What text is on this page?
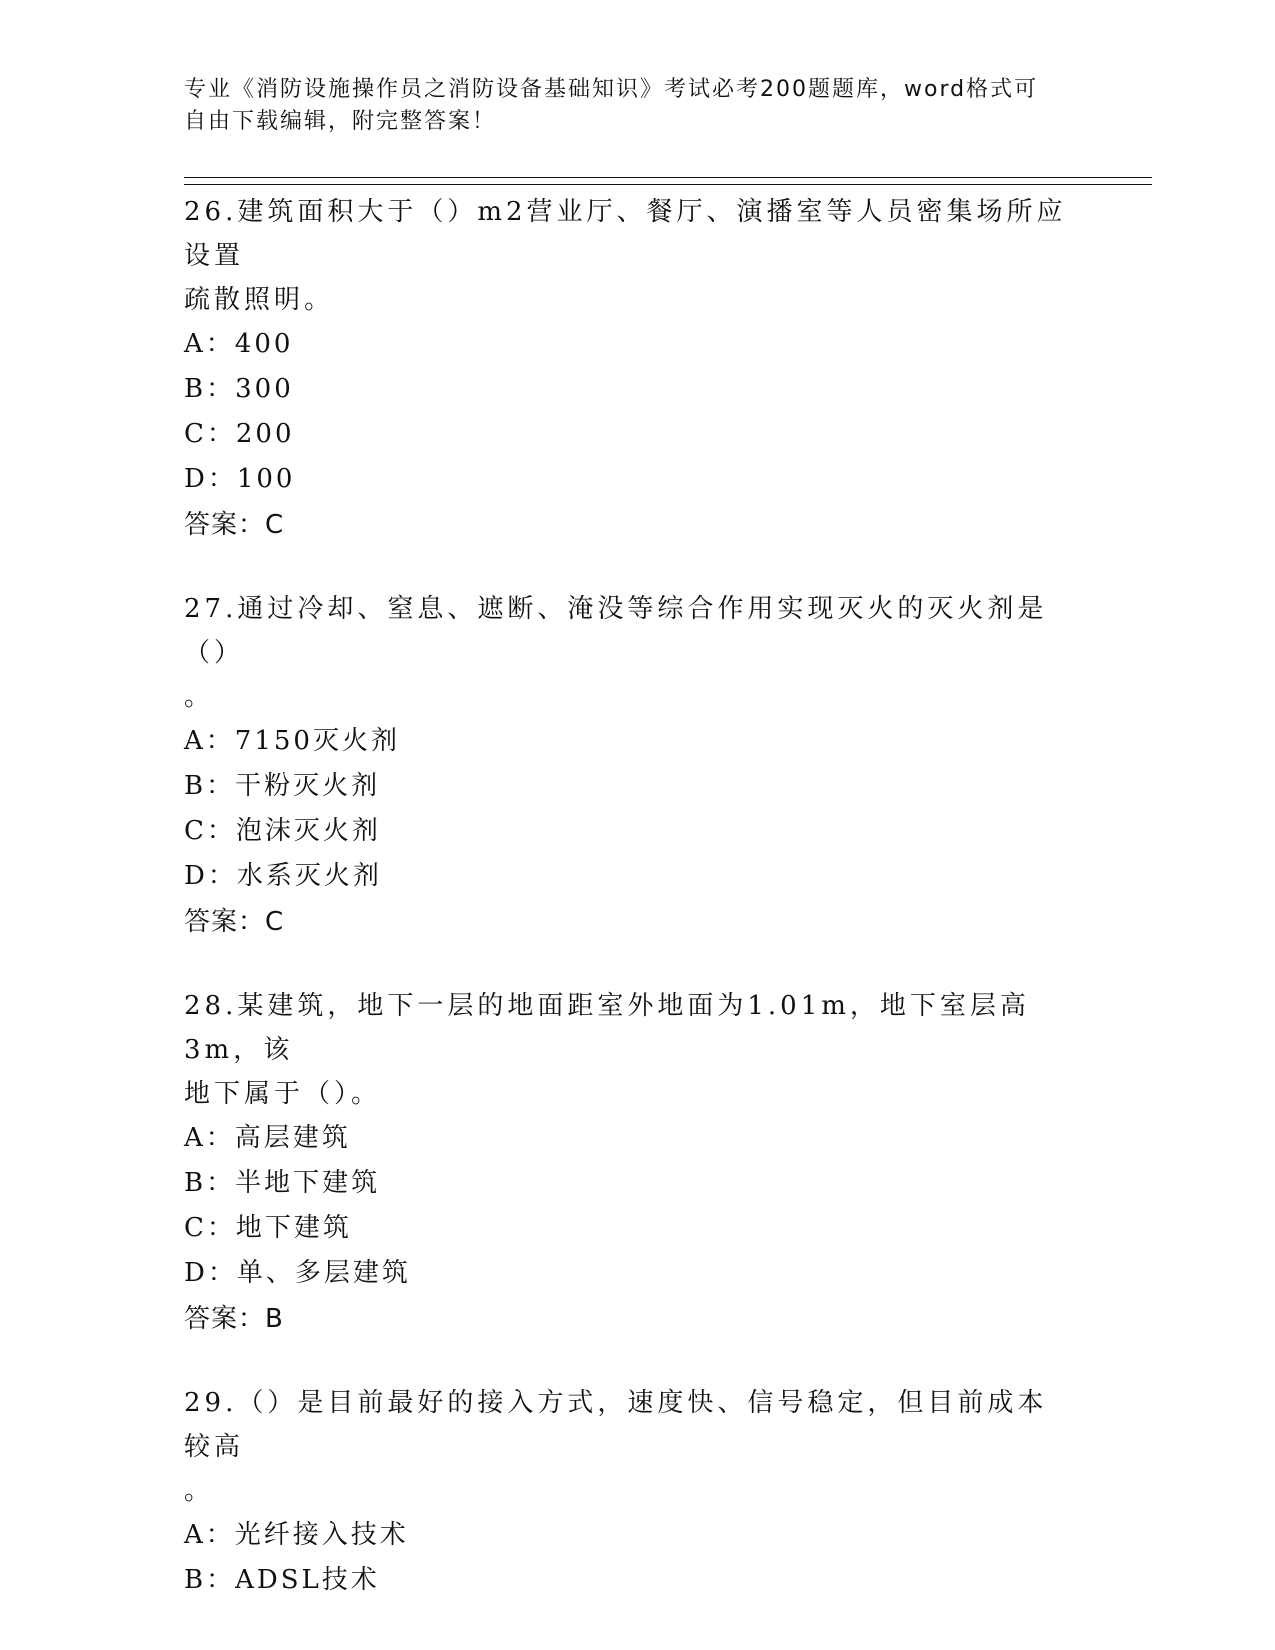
专业《消防设施操作员之消防设备基础知识》考试必考200题题库，word格式可
自由下载编辑，附完整答案！

26.建筑面积大于（）m2营业厅、餐厅、演播室等人员密集场所应设置

疏散照明。

A：400

B：300

C：200

D：100

答案：C

27.通过冷却、窒息、遮断、淹没等综合作用实现灭火的灭火剂是（）

。

A：7150灭火剂

B：干粉灭火剂

C：泡沫灭火剂

D：水系灭火剂

答案：C

28.某建筑，地下一层的地面距室外地面为1.01m，地下室层高3m，该

地下属于（）。

A：高层建筑

B：半地下建筑

C：地下建筑

D：单、多层建筑

答案：B

29.（）是目前最好的接入方式，速度快、信号稳定，但目前成本较高

。

A：光纤接入技术

B：ADSL技术
